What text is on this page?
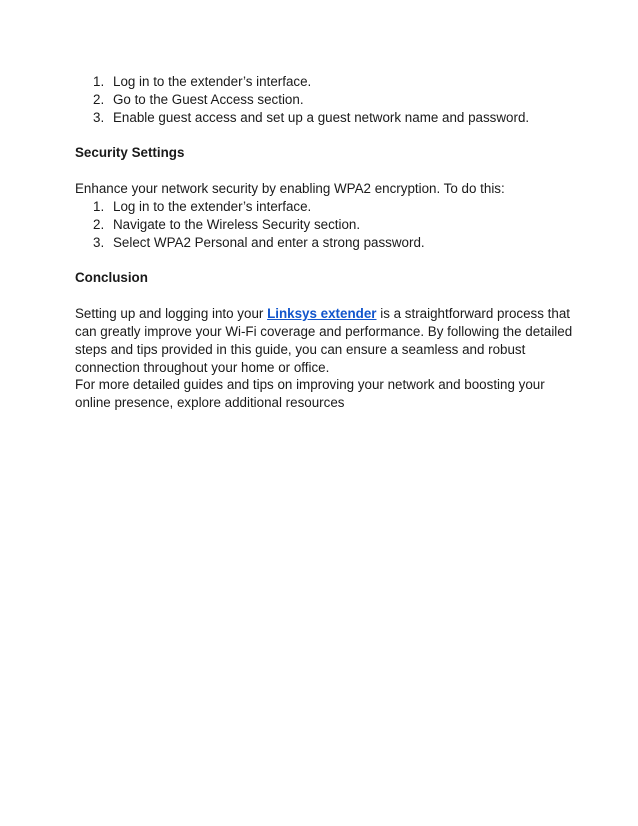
1. Log in to the extender’s interface.
2. Go to the Guest Access section.
3. Enable guest access and set up a guest network name and password.

Security Settings

Enhance your network security by enabling WPA2 encryption. To do this:

1. Log in to the extender’s interface.
2. Navigate to the Wireless Security section.
3. Select WPA2 Personal and enter a strong password.

Conclusion

Setting up and logging into your Linksys extender is a straightforward process that can greatly improve your Wi-Fi coverage and performance. By following the detailed steps and tips provided in this guide, you can ensure a seamless and robust connection throughout your home or office.

For more detailed guides and tips on improving your network and boosting your online presence, explore additional resources
